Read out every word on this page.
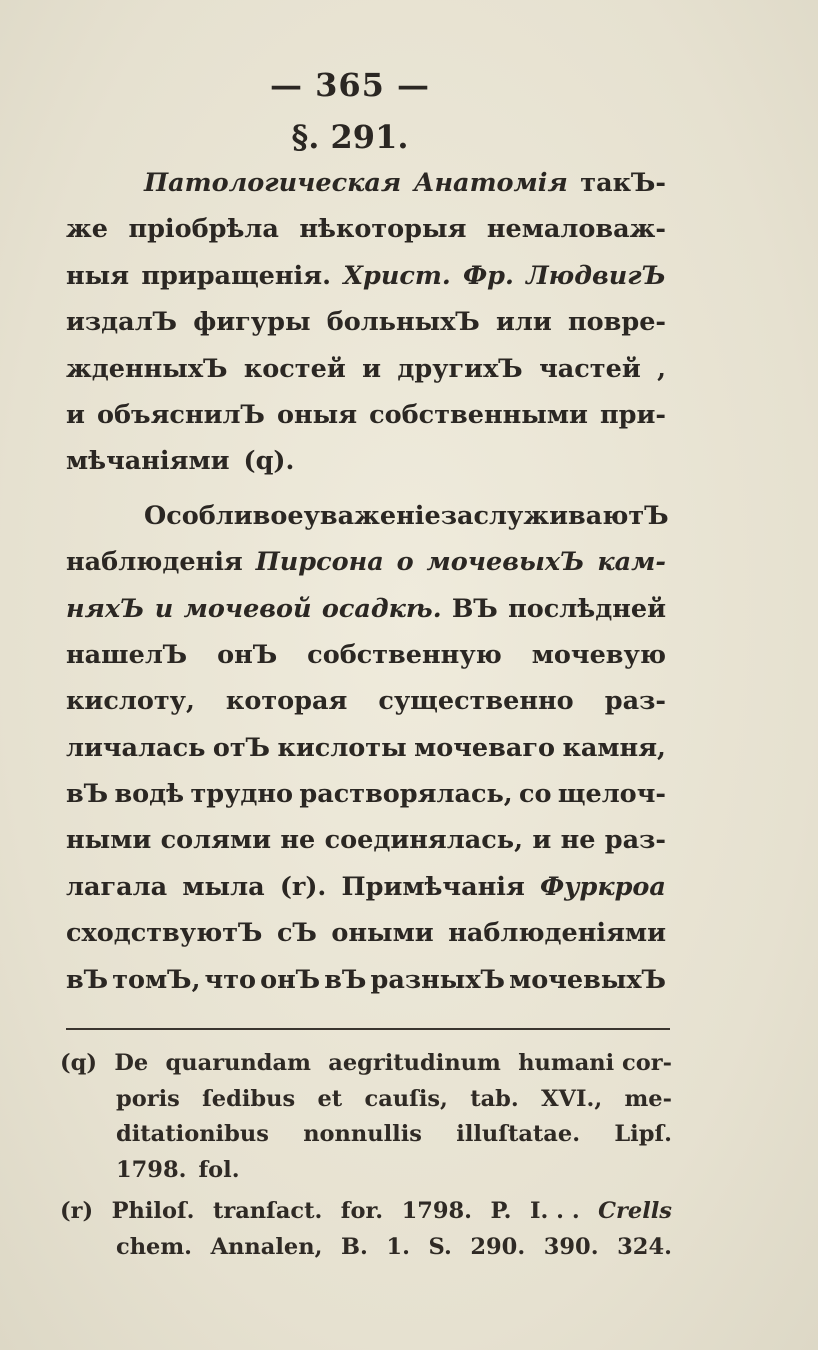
— 365 —
§. 291.
Патологическая Анатомія такЪ-
же пріобрѣла нѣкоторыя немаловаж-
ныя приращенія. Христ. Фр. ЛюдвигЪ
издалЪ фигуры больныхЪ или повре-
жденныхЪ костей и другихЪ частей ,
и объяснилЪ оныя собственными при-
мѣчаніями (q).
Особливое уваженіе заслуживаютЪ
наблюденія Пирсона о мочевыхЪ кам-
няхЪ и мочевой осадкѣ. ВЪ послѣдней
нашелЪ онЪ собственную мочевую
кислоту, которая существенно раз-
личалась отЪ кислоты мочеваго камня,
вЪ водѣ трудно растворялась, со щелоч-
ными солями не соединялась, и не раз-
лагала мыла (r). Примѣчанія Фуркроа
сходствуютЪ сЪ оными наблюденіями
вЪ томЪ, что онЪ вЪ разныхЪ мочевыхЪ
(q) De quarundam aegritudinum humani cor-
poris ſedibus et cauſis, tab. XVI., me-
ditationibus nonnullis illuſtatae. Lipſ.
1798. fol.
(r) Philoſ. tranſact. for. 1798. P. I. . . Crells
chem. Annalen, B. 1. S. 290. 390. 324.
